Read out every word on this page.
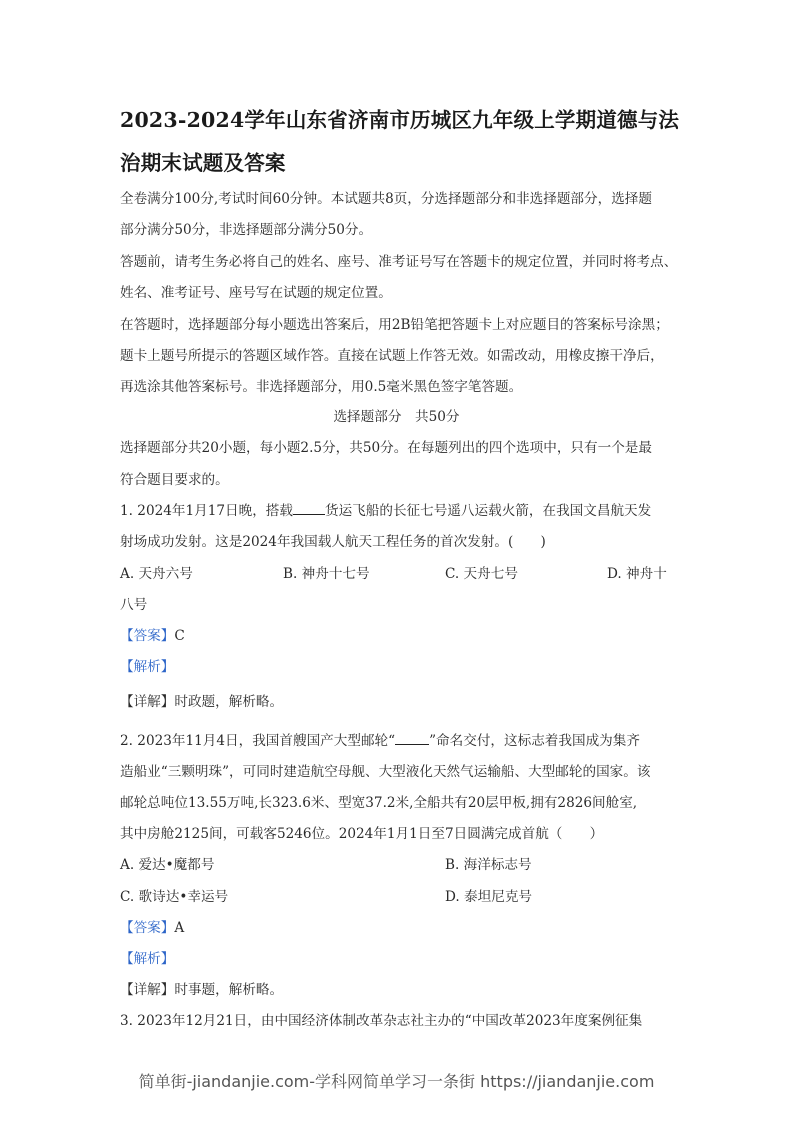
2023-2024学年山东省济南市历城区九年级上学期道德与法
治期末试题及答案
全卷满分100分,考试时间60分钟。本试题共8页，分选择题部分和非选择题部分，选择题
部分满分50分，非选择题部分满分50分。
答题前，请考生务必将自己的姓名、座号、准考证号写在答题卡的规定位置，并同时将考点、
姓名、准考证号、座号写在试题的规定位置。
在答题时，选择题部分每小题选出答案后，用2B铅笔把答题卡上对应题目的答案标号涂黑；
题卡上题号所提示的答题区域作答。直接在试题上作答无效。如需改动，用橡皮擦干净后，
再选涂其他答案标号。非选择题部分，用0.5毫米黑色签字笔答题。
选择题部分　共50分
选择题部分共20小题，每小题2.5分，共50分。在每题列出的四个选项中，只有一个是最
符合题目要求的。
1. 2024年1月17日晚，搭载 货运飞船的长征七号遥八运载火箭，在我国文昌航天发
射场成功发射。这是2024年我国载人航天工程任务的首次发射。(　　)
A. 天舟六号	B. 神舟十七号	C. 天舟七号	D. 神舟十
八号
【答案】C
【解析】
【详解】时政题，解析略。
2. 2023年11月4日，我国首艘国产大型邮轮“	”命名交付，这标志着我国成为集齐
造船业“三颗明珠”，可同时建造航空母舰、大型液化天然气运输船、大型邮轮的国家。该
邮轮总吨位13.55万吨,长323.6米、型宽37.2米,全船共有20层甲板,拥有2826间舱室,
其中房舱2125间，可载客5246位。2024年1月1日至7日圆满完成首航（　　）
A. 爱达•魔都号	B. 海洋标志号
C. 歌诗达•幸运号	D. 泰坦尼克号
【答案】A
【解析】
【详解】时事题，解析略。
3. 2023年12月21日，由中国经济体制改革杂志社主办的“中国改革2023年度案例征集
简单街-jiandanjie.com-学科网简单学习一条街 https://jiandanjie.com
